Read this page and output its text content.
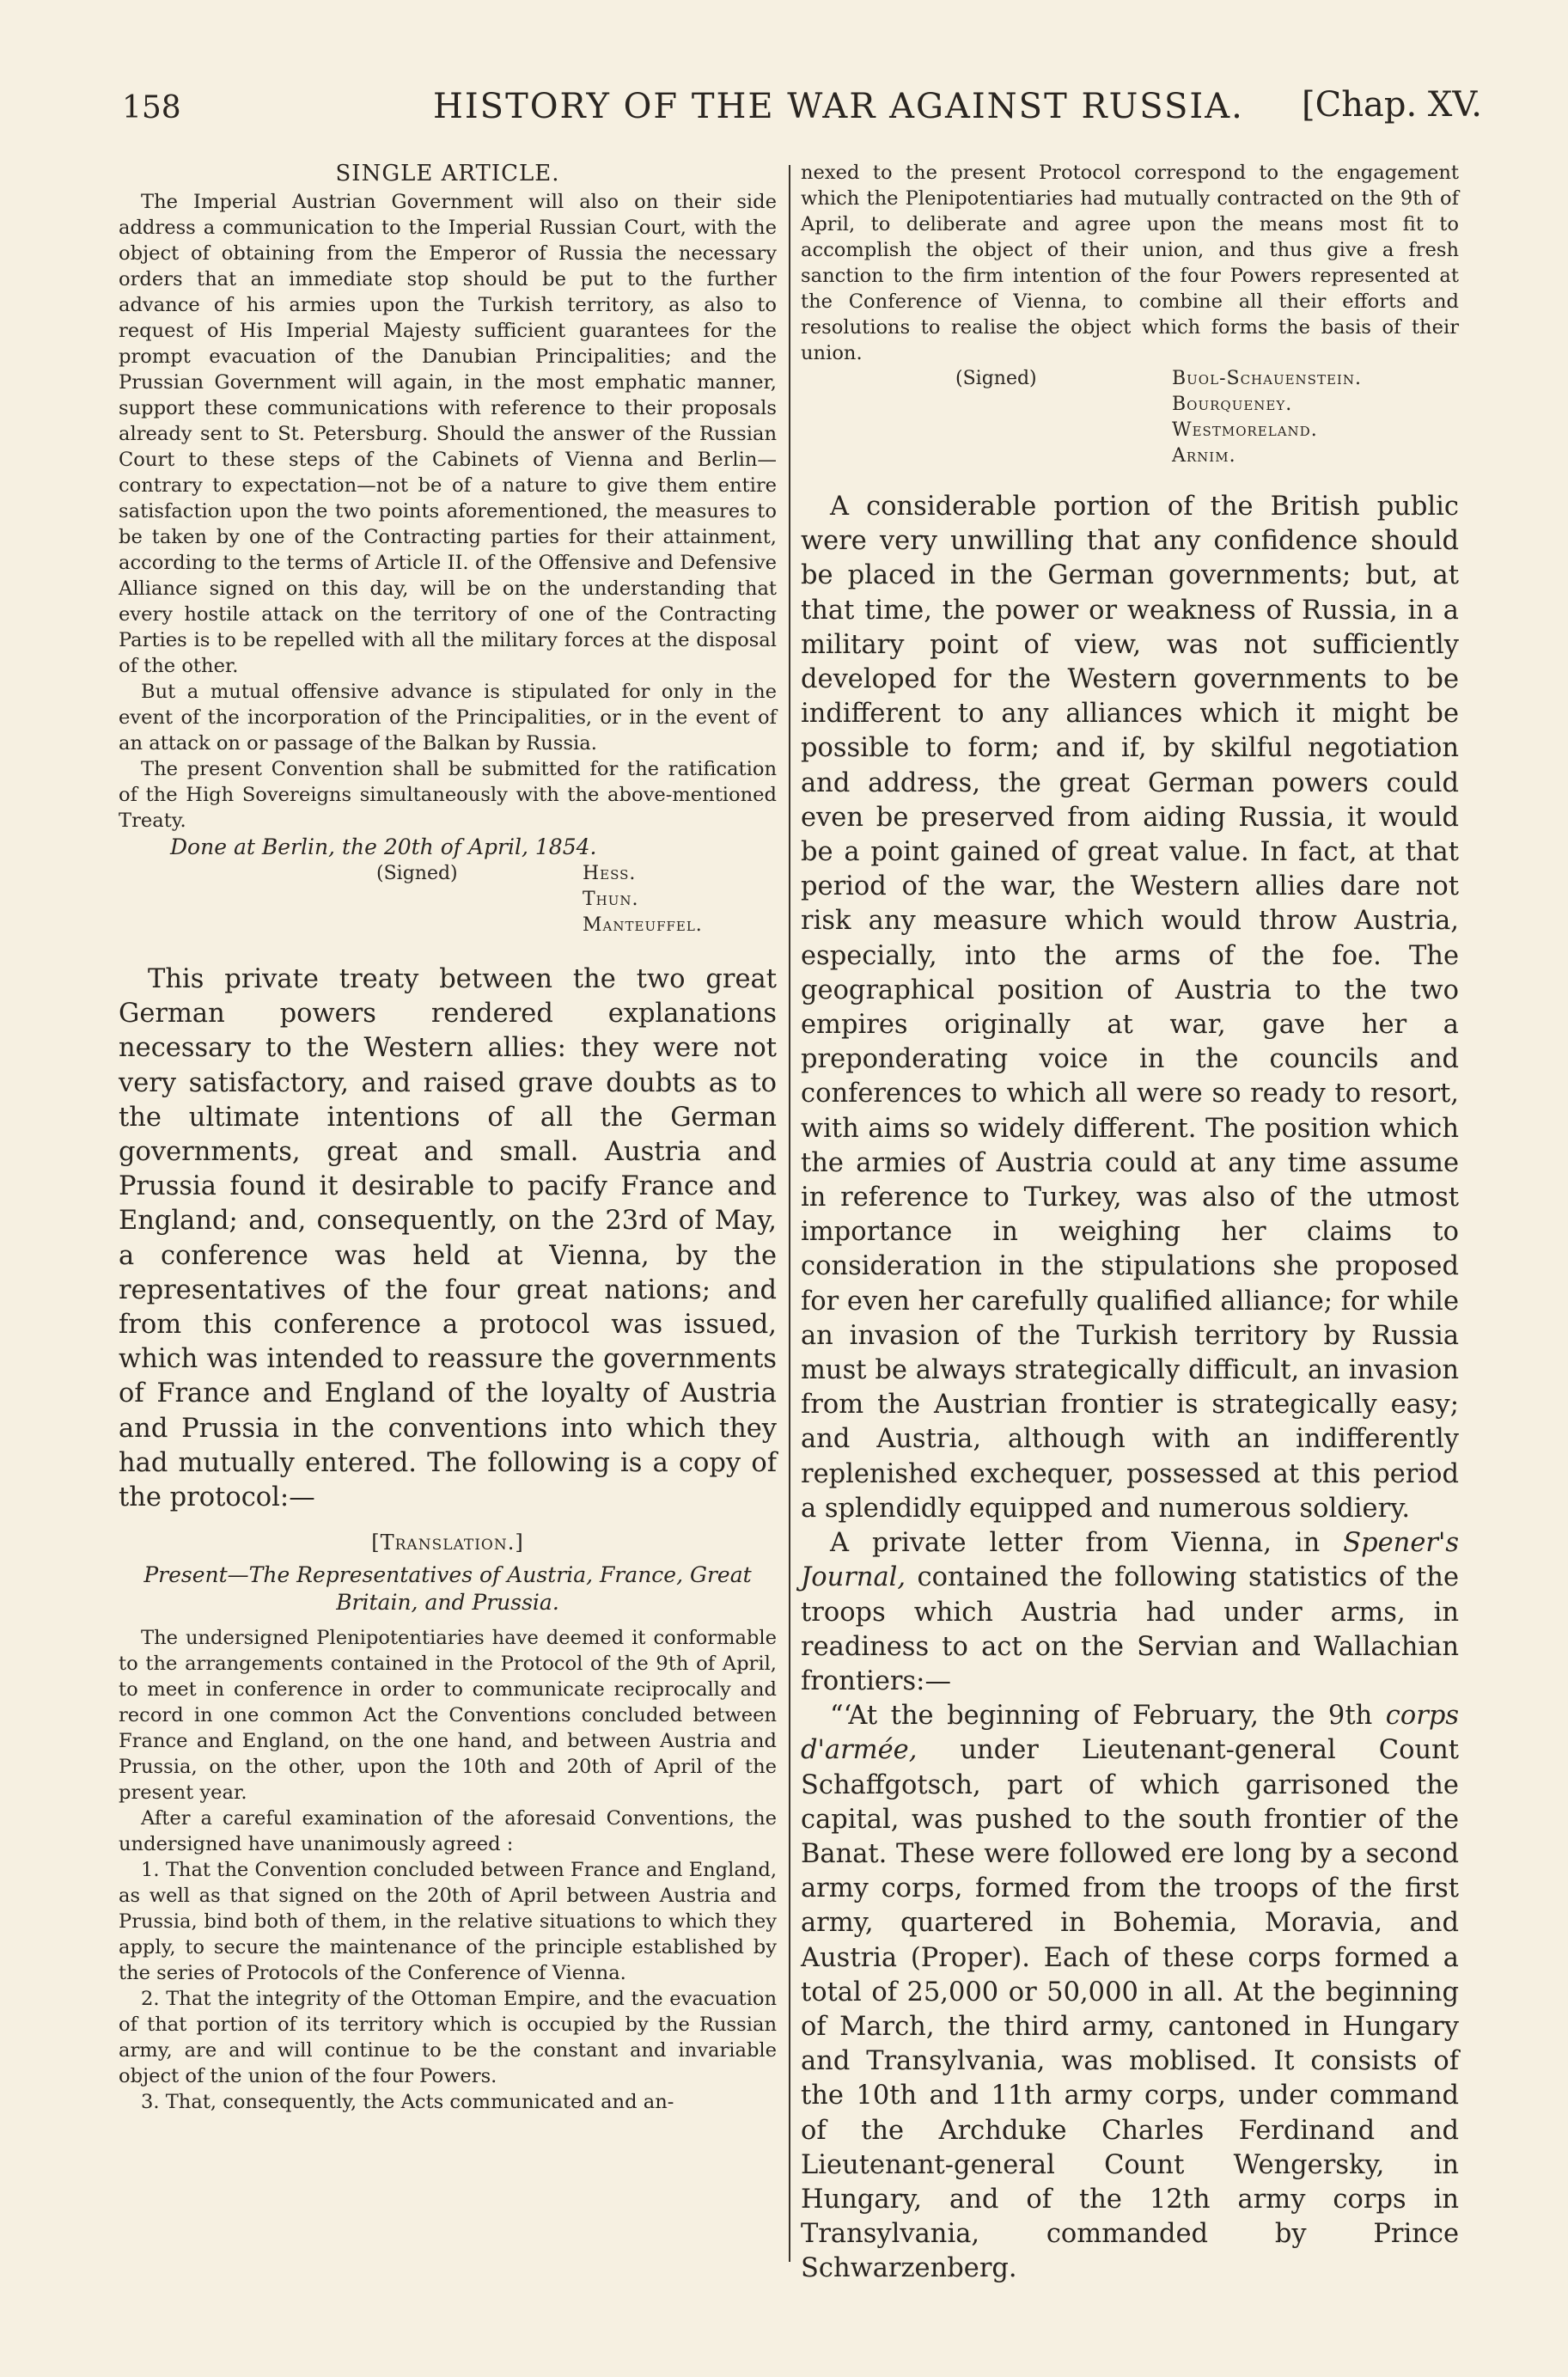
158	HISTORY OF THE WAR AGAINST RUSSIA. [Chap. XV.

SINGLE ARTICLE.

The Imperial Austrian Government will also on their side address a communication to the Imperial Russian Court, with the object of obtaining from the Emperor of Russia the necessary orders that an immediate stop should be put to the further advance of his armies upon the Turkish territory, as also to request of His Imperial Majesty sufficient guarantees for the prompt evacuation of the Danubian Principalities; and the Prussian Government will again, in the most emphatic manner, support these communications with reference to their proposals already sent to St. Petersburg. Should the answer of the Russian Court to these steps of the Cabinets of Vienna and Berlin—contrary to expectation—not be of a nature to give them entire satisfaction upon the two points aforementioned, the measures to be taken by one of the Contracting parties for their attainment, according to the terms of Article II. of the Offensive and Defensive Alliance signed on this day, will be on the understanding that every hostile attack on the territory of one of the Contracting Parties is to be repelled with all the military forces at the disposal of the other.

But a mutual offensive advance is stipulated for only in the event of the incorporation of the Principalities, or in the event of an attack on or passage of the Balkan by Russia.

The present Convention shall be submitted for the ratification of the High Sovereigns simultaneously with the above-mentioned Treaty.

Done at Berlin, the 20th of April, 1854.

(Signed)	Hess.
Thun.
Manteuffel.

This private treaty between the two great German powers rendered explanations necessary to the Western allies: they were not very satisfactory, and raised grave doubts as to the ultimate intentions of all the German governments, great and small. Austria and Prussia found it desirable to pacify France and England; and, consequently, on the 23rd of May, a conference was held at Vienna, by the representatives of the four great nations; and from this conference a protocol was issued, which was intended to reassure the governments of France and England of the loyalty of Austria and Prussia in the conventions into which they had mutually entered. The following is a copy of the protocol:—

[Translation.]

Present—The Representatives of Austria, France, Great Britain, and Prussia.

The undersigned Plenipotentiaries have deemed it conformable to the arrangements contained in the Protocol of the 9th of April, to meet in conference in order to communicate reciprocally and record in one common Act the Conventions concluded between France and England, on the one hand, and between Austria and Prussia, on the other, upon the 10th and 20th of April of the present year.

After a careful examination of the aforesaid Conventions, the undersigned have unanimously agreed :

1. That the Convention concluded between France and England, as well as that signed on the 20th of April between Austria and Prussia, bind both of them, in the relative situations to which they apply, to secure the maintenance of the principle established by the series of Protocols of the Conference of Vienna.

2. That the integrity of the Ottoman Empire, and the evacuation of that portion of its territory which is occupied by the Russian army, are and will continue to be the constant and invariable object of the union of the four Powers.

3. That, consequently, the Acts communicated and an-

nexed to the present Protocol correspond to the engagement which the Plenipotentiaries had mutually contracted on the 9th of April, to deliberate and agree upon the means most fit to accomplish the object of their union, and thus give a fresh sanction to the firm intention of the four Powers represented at the Conference of Vienna, to combine all their efforts and resolutions to realise the object which forms the basis of their union.

(Signed)	Buol-Schauenstein.
Bourqueney.
Westmoreland.
Arnim.

A considerable portion of the British public were very unwilling that any confidence should be placed in the German governments; but, at that time, the power or weakness of Russia, in a military point of view, was not sufficiently developed for the Western governments to be indifferent to any alliances which it might be possible to form; and if, by skilful negotiation and address, the great German powers could even be preserved from aiding Russia, it would be a point gained of great value. In fact, at that period of the war, the Western allies dare not risk any measure which would throw Austria, especially, into the arms of the foe. The geographical position of Austria to the two empires originally at war, gave her a preponderating voice in the councils and conferences to which all were so ready to resort, with aims so widely different. The position which the armies of Austria could at any time assume in reference to Turkey, was also of the utmost importance in weighing her claims to consideration in the stipulations she proposed for even her carefully qualified alliance; for while an invasion of the Turkish territory by Russia must be always strategically difficult, an invasion from the Austrian frontier is strategically easy; and Austria, although with an indifferently replenished exchequer, possessed at this period a splendidly equipped and numerous soldiery.

A private letter from Vienna, in Spener's Journal, contained the following statistics of the troops which Austria had under arms, in readiness to act on the Servian and Wallachian frontiers:—

“‘At the beginning of February, the 9th corps d'armée, under Lieutenant-general Count Schaffgotsch, part of which garrisoned the capital, was pushed to the south frontier of the Banat. These were followed ere long by a second army corps, formed from the troops of the first army, quartered in Bohemia, Moravia, and Austria (Proper). Each of these corps formed a total of 25,000 or 50,000 in all. At the beginning of March, the third army, cantoned in Hungary and Transylvania, was moblised. It consists of the 10th and 11th army corps, under command of the Archduke Charles Ferdinand and Lieutenant-general Count Wengersky, in Hungary, and of the 12th army corps in Transylvania, commanded by Prince Schwarzenberg.
